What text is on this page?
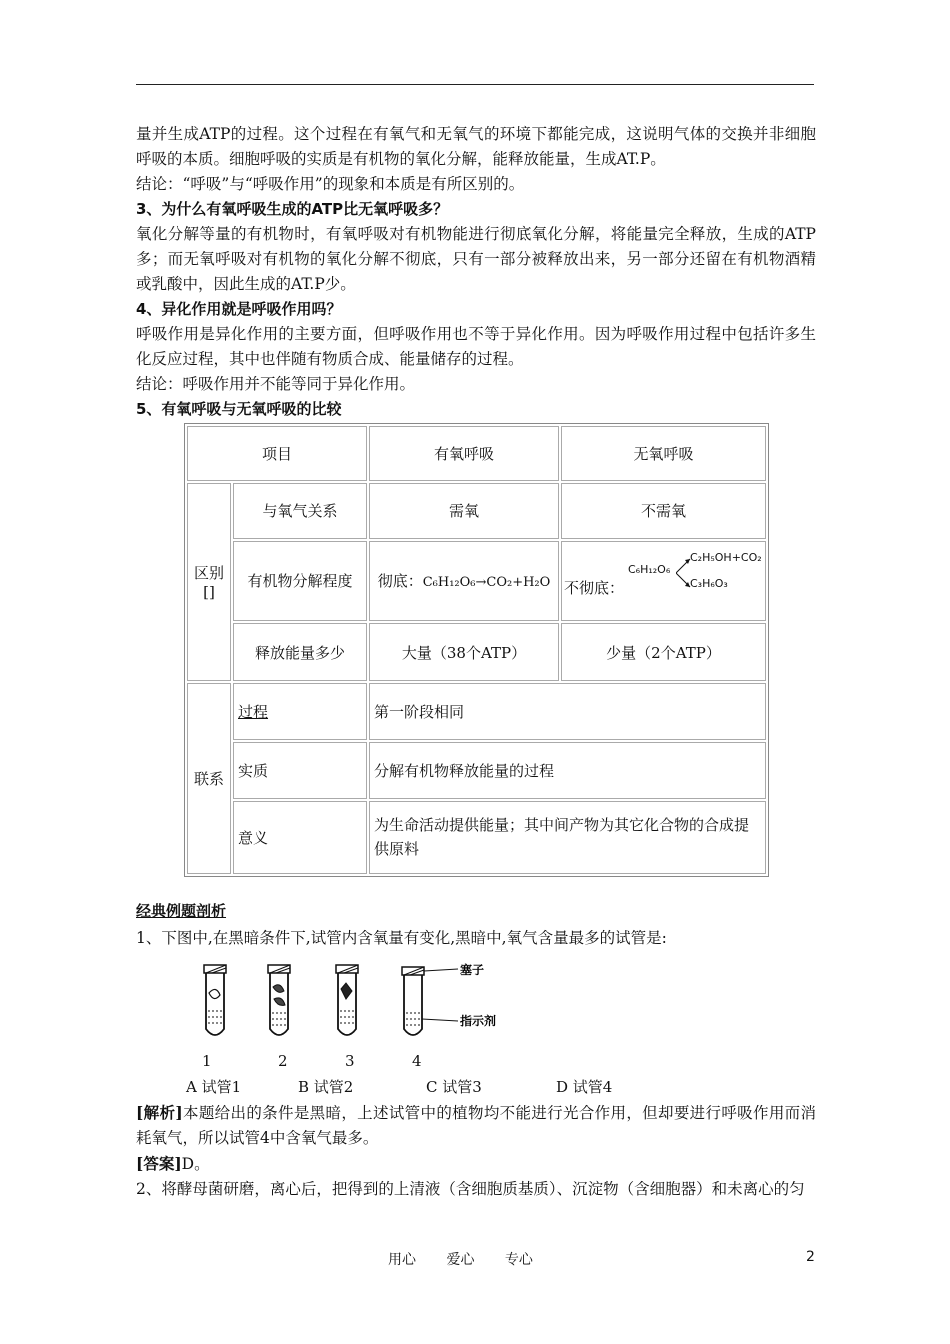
量并生成ATP的过程。这个过程在有氧气和无氧气的环境下都能完成，这说明气体的交换并非细胞呼吸的本质。细胞呼吸的实质是有机物的氧化分解，能释放能量，生成AT.P。

结论：“呼吸”与“呼吸作用”的现象和本质是有所区别的。

3、为什么有氧呼吸生成的ATP比无氧呼吸多？

氧化分解等量的有机物时，有氧呼吸对有机物能进行彻底氧化分解，将能量完全释放，生成的ATP多；而无氧呼吸对有机物的氧化分解不彻底，只有一部分被释放出来，另一部分还留在有机物酒精或乳酸中，因此生成的AT.P少。

4、异化作用就是呼吸作用吗？

呼吸作用是异化作用的主要方面，但呼吸作用也不等于异化作用。因为呼吸作用过程中包括许多生化反应过程，其中也伴随有物质合成、能量储存的过程。

结论：呼吸作用并不能等同于异化作用。

5、有氧呼吸与无氧呼吸的比较

项目		有氧呼吸	无氧呼吸

区别
[]	与氧气关系	需氧	不需氧
	有机物分解程度	彻底：C₆H₁₂O₆→CO₂+H₂O	不彻底：
C₆H₁₂O₆
C₂H₅OH+CO₂
C₃H₆O₃

	释放能量多少	大量（38个ATP）	少量（2个ATP）
联系	过程	第一阶段相同	
	实质	分解有机物释放能量的过程	
	意义	为生命活动提供能量；其中间产物为其它化合物的合成提供原料	
经典例题剖析
1、下图中,在黑暗条件下,试管内含氧量有变化,黑暗中,氧气含量最多的试管是:
塞子
指示剂
1	2	3	4
A 试管1	B 试管2	C 试管3	D 试管4

[解析]本题给出的条件是黑暗，上述试管中的植物均不能进行光合作用，但却要进行呼吸作用而消耗氧气，所以试管4中含氧气最多。

[答案]D。

2、将酵母菌研磨，离心后，把得到的上清液（含细胞质基质）、沉淀物（含细胞器）和未离心的匀

用心 爱心 专心	2
